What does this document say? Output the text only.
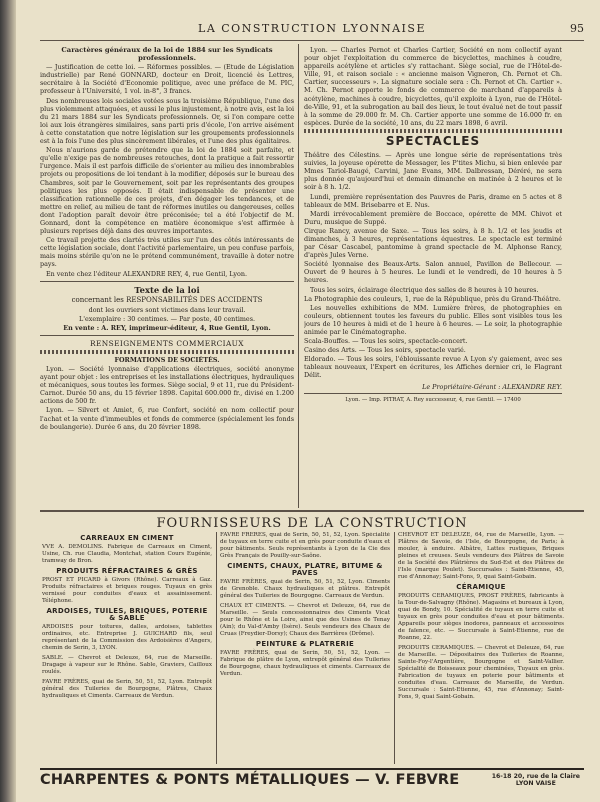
LA CONSTRUCTION LYONNAISE	95

Caractères généraux de la loi de 1884 sur les Syndicats professionnels.

— Justification de cette loi. — Réformes possibles. — (Etude de Législation industrielle) par René GONNARD, docteur en Droit, licencié ès Lettres, secrétaire à la Société d'Economie politique, avec une préface de M. PIC, professeur à l'Université, 1 vol. in-8°, 3 francs.

Des nombreuses lois sociales votées sous la troisième République, l'une des plus violemment attaquées, et aussi le plus injustement, à notre avis, est la loi du 21 mars 1884 sur les Syndicats professionnels. Or, si l'on compare cette loi aux lois étrangères similaires, sans parti pris d'école, l'on arrive aisément à cette constatation que notre législation sur les groupements professionnels est à la fois l'une des plus sincèrement libérales, et l'une des plus égalitaires.

Nous n'aurions garde de prétendre que la loi de 1884 soit parfaite, et qu'elle n'exige pas de nombreuses retouches, dont la pratique a fait ressortir l'urgence. Mais il est parfois difficile de s'orienter au milieu des innombrables projets ou propositions de loi tendant à la modifier, déposés sur le bureau des Chambres, soit par le Gouvernement, soit par les représentants des groupes politiques les plus opposés. Il était indispensable de présenter une classification rationnelle de ces projets, d'en dégager les tendances, et de mettre en relief, au milieu de tant de réformes inutiles ou dangereuses, celles dont l'adoption paraît devoir être préconisée; tel a été l'objectif de M. Gonnard, dont la compétence en matière économique s'est affirmée à plusieurs reprises déjà dans des œuvres importantes.

Ce travail projette des clartés très utiles sur l'un des côtés intéressants de cette législation sociale, dont l'activité parlementaire, un peu confuse parfois, mais moins stérile qu'on ne le prétend communément, travaille à doter notre pays.

En vente chez l'éditeur ALEXANDRE REY, 4, rue Gentil, Lyon.

Texte de la loi

concernant les RESPONSABILITÉS DES ACCIDENTS

dont les ouvriers sont victimes dans leur travail.

L'exemplaire : 30 centimes. — Par poste, 40 centimes.

En vente : A. REY, imprimeur-éditeur, 4, Rue Gentil, Lyon.

RENSEIGNEMENTS COMMERCIAUX

FORMATIONS DE SOCIÉTÉS.

Lyon. — Société lyonnaise d'applications électriques, société anonyme ayant pour objet : les entreprises et les installations électriques, hydrauliques et mécaniques, sous toutes les formes. Siège social, 9 et 11, rue du Président-Carnot. Durée 50 ans, du 15 février 1898. Capital 600.000 fr., divisé en 1.200 actions de 500 fr.

Lyon. — Silvert et Amiet, 6, rue Confort, société en nom collectif pour l'achat et la vente d'immeubles et fonds de commerce (spécialement les fonds de boulangerie). Durée 6 ans, du 20 février 1898.

Lyon. — Charles Pernot et Charles Cartier, Société en nom collectif ayant pour objet l'exploitation du commerce de bicyclettes, machines à coudre, appareils acétylène et articles s'y rattachant. Siège social, rue de l'Hôtel-de-Ville, 91, et raison sociale : « ancienne maison Vigneron, Ch. Pernot et Ch. Cartier, successeurs ». La signature sociale sera : Ch. Pernot et Ch. Cartier ». M. Ch. Pernot apporte le fonds de commerce de marchand d'appareils à acétylène, machines à coudre, bicyclettes, qu'il exploite à Lyon, rue de l'Hôtel-de-Ville, 91, et la subrogation au bail des lieux, le tout évalué net de tout passif à la somme de 29.000 fr. M. Ch. Cartier apporte une somme de 16.000 fr. en espèces. Durée de la société, 10 ans, du 22 mars 1898, 6 avril.

SPECTACLES

Théâtre des Célestins. — Après une longue série de représentations très suivies, la joyeuse opérette de Messager, les P'tites Michu, si bien enlevée par Mmes Tariol-Baugé, Carvini, Jane Evans, MM. Dalbressan, Déréré, ne sera plus donnée qu'aujourd'hui et demain dimanche en matinée à 2 heures et le soir à 8 h. 1/2.

Lundi, première représentation des Pauvres de Paris, drame en 5 actes et 8 tableaux de MM. Brisebarre et E. Nus.

Mardi irrévocablement première de Boccace, opérette de MM. Chivot et Duru, musique de Suppé.

Cirque Rancy, avenue de Saxe. — Tous les soirs, à 8 h. 1/2 et les jeudis et dimanches, à 3 heures, représentations équestres. Le spectacle est terminé par César Cascabel, pantomime à grand spectacle de M. Alphonse Rancy, d'après Jules Verne.

Société lyonnaise des Beaux-Arts. Salon annuel, Pavillon de Bellecour. — Ouvert de 9 heures à 5 heures. Le lundi et le vendredi, de 10 heures à 5 heures.

Tous les soirs, éclairage électrique des salles de 8 heures à 10 heures.

La Photographie des couleurs, 1, rue de la République, près du Grand-Théâtre.

Les nouvelles exhibitions de MM. Lumière frères, de photographies en couleurs, obtiennent toutes les faveurs du public. Elles sont visibles tous les jours de 10 heures à midi et de 1 heure à 6 heures. — Le soir, la photographie animée par le Cinématographe.

Scala-Bouffes. — Tous les soirs, spectacle-concert.

Casino des Arts. — Tous les soirs, spectacle varié.

Eldorado. — Tous les soirs, l'éblouissante revue A Lyon s'y gaiement, avec ses tableaux nouveaux, l'Expert en écritures, les Affiches dernier cri, le Flagrant Délit.

Le Propriétaire-Gérant : ALEXANDRE REY.

Lyon. — Imp. PITRAT, A. Rey successeur, 4, rue Gentil. — 17400

FOURNISSEURS DE LA CONSTRUCTION
CARREAUX EN CIMENT

VVE A. DEMOLINS. Fabrique de Carreaux en Ciment, Usine, Ch. rue Claudia, Montchat, station Cours Eugénie, tramway de Bron.

PRODUITS RÉFRACTAIRES & GRÈS

PROST ET PICARD à Givors (Rhône). Carreaux à Gaz. Produits réfractaires et briques rouges. Tuyaux en grès vernissé pour conduites d'eaux et assainissement. Téléphone.

ARDOISES, TUILES, BRIQUES, POTERIE & SABLE

ARDOISES pour toitures, dalles, ardoises, tablettes ordinaires, etc. Entreprise J. GUICHARD fils, seul représentant de la Commission des Ardoisières d'Angers, chemin de Serin, 3, LYON.

SABLE. — Chevrot et Deleuze, 64, rue de Marseille. Dragage à vapeur sur le Rhône. Sable, Graviers, Cailloux roulés.

FAVRE FRÈRES, quai de Serin, 50, 51, 52, Lyon. Entrepôt général des Tuileries de Bourgogne, Plâtres, Chaux hydrauliques et Ciments. Carreaux de Verdun.

FAVRE FRÈRES, quai de Serin, 50, 51, 52, Lyon. Spécialité de tuyaux en terre cuite et en grès pour conduite d'eaux et pour bâtiments. Seuls représentants à Lyon de la Cie des Grès Français de Pouilly-sur-Saône.

CIMENTS, CHAUX, PLATRE, BITUME & PAVES

FAVRE FRÈRES, quai de Serin, 50, 51, 52, Lyon. Ciments de Grenoble. Chaux hydrauliques et plâtres. Entrepôt général des Tuileries de Bourgogne. Carreaux de Verdun.

CHAUX ET CIMENTS. — Chevrot et Deleuze, 64, rue de Marseille. — Seuls concessionnaires des Ciments Vicat pour le Rhône et la Loire, ainsi que des Usines de Tenay (Ain); du Val-d'Amby (Isère). Seuls vendeurs des Chaux de Cruas (Freydier-Dorsy); Chaux des Barrières (Drôme).

PEINTURE & PLATRERIE

FAVRE FRÈRES, quai de Serin, 50, 51, 52, Lyon. — Fabrique de plâtre de Lyon, entrepôt général des Tuileries de Bourgogne, chaux hydrauliques et ciments. Carreaux de Verdun.

CHEVROT ET DELEUZE, 64, rue de Marseille, Lyon. — Plâtres de Savoie, de l'Isle, de Bourgogne, de Paris; à mouler, à enduire. Albâtre, Lattes rustiques, Briques pleines et creuses. Seuls vendeurs des Plâtres de Savoie de la Société des Plâtrières du Sud-Est et des Plâtres de l'Isle (marque Poulet). Succursales : Saint-Etienne, 45, rue d'Annonay; Saint-Fons, 9, quai Saint-Gobain.

CÉRAMIQUE

PRODUITS CERAMIQUES, PROST FRÈRES, fabricants à la Tour-de-Salvagny (Rhône). Magasins et bureaux à Lyon, quai de Bondy, 10. Spécialité de tuyaux en terre cuite et tuyaux en grès pour conduites d'eau et pour bâtiments. Appareils pour sièges inodores, panneaux et accessoires de faïence, etc. — Succursale à Saint-Etienne, rue de Roanne, 22.

PRODUITS CERAMIQUES. — Chevrot et Deleuze, 64, rue de Marseille. — Dépositaires des Tuileries de Roanne, Sainte-Foy-l'Argentière, Bourgogne et Saint-Vallier. Spécialité de Boisseaux pour cheminées, Tuyaux en grès. Fabrication de tuyaux en poterie pour bâtiments et conduites d'eau. Carreaux de Marseille, de Verdun. Succursale : Saint-Etienne, 45, rue d'Annonay; Saint-Fons, 9, quai Saint-Gobain.

CHARPENTES & PONTS MÉTALLIQUES — V. FEBVRE	16-18 20, rue de la Claire
LYON VAISE
